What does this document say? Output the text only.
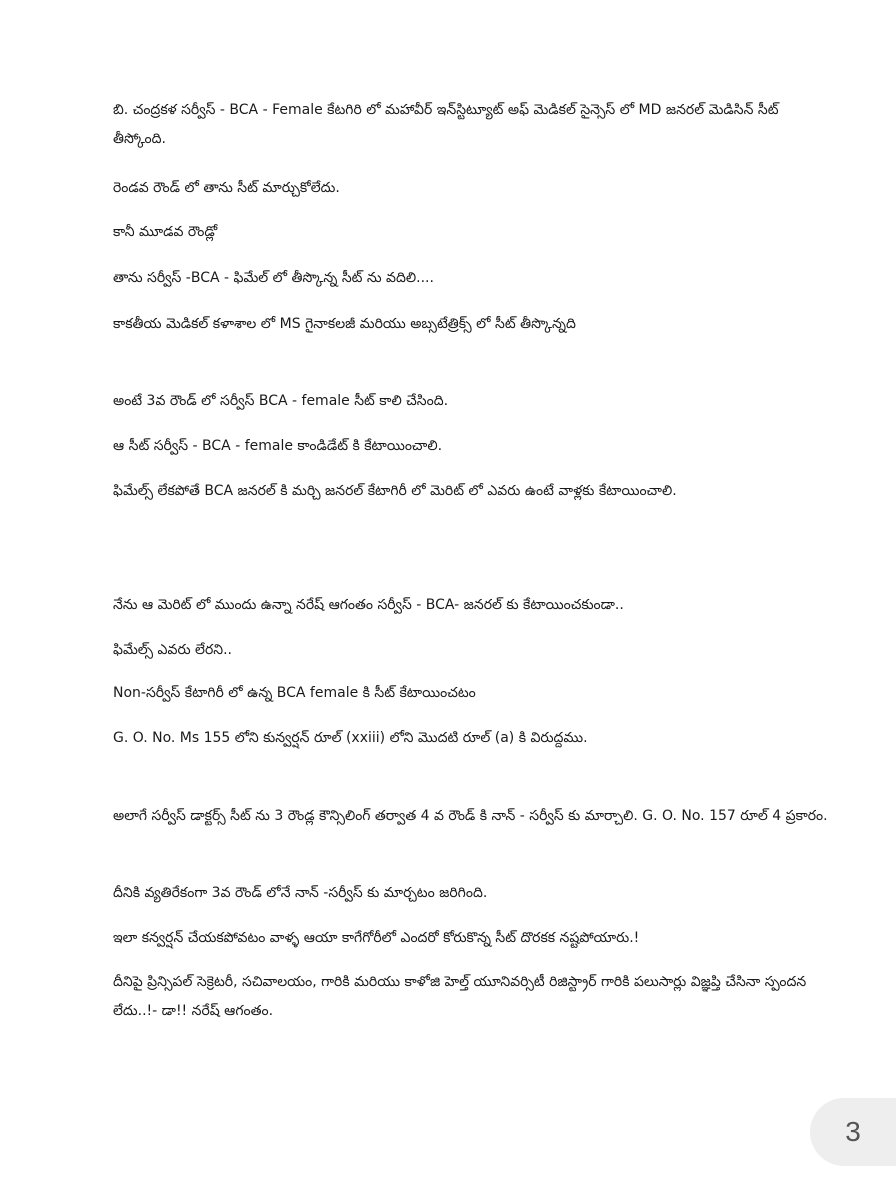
బి. చంద్రకళ సర్వీస్ - BCA - Female కేటగిరి లో మహావీర్ ఇన్‌స్టిట్యూట్ అఫ్ మెడికల్ సైన్సెస్ లో MD జనరల్ మెడిసిన్ సీట్ తీస్కోంది.

రెండవ రౌండ్ లో తాను సీట్ మార్చుకోలేదు.

కానీ మూడవ రౌండ్లో

తాను సర్వీస్ -BCA - ఫిమేల్ లో తీస్కొన్న సీట్ ను వదిలి....

కాకతీయ మెడికల్ కళాశాల లో MS గైనాకలజీ మరియు అబ్సటేత్రిక్స్ లో సీట్ తీస్కొన్నది

అంటే 3వ రౌండ్ లో సర్వీస్ BCA - female సీట్ కాలి చేసింది.

ఆ సీట్ సర్వీస్ - BCA - female కాండిడేట్ కి కేటాయించాలి.

ఫిమేల్స్ లేకపోతే BCA జనరల్ కి మర్చి జనరల్ కేటాగిరీ లో మెరిట్ లో ఎవరు ఉంటే వాళ్లకు కేటాయించాలి.

నేను ఆ మెరిట్ లో ముందు ఉన్నా నరేష్ ఆగంతం సర్వీస్ - BCA- జనరల్ కు కేటాయించకుండా..

ఫిమేల్స్ ఎవరు లేరని..

Non-సర్వీస్ కేటాగిరీ లో ఉన్న BCA female కి సీట్ కేటాయించటం

G. O. No. Ms 155 లోని కున్వర్షన్ రూల్ (xxiii) లోని మొదటి రూల్ (a) కి విరుద్దము.

అలాగే సర్వీస్ డాక్టర్స్ సీట్ ను 3 రౌండ్ల కౌన్సిలింగ్ తర్వాత 4 వ రౌండ్ కి నాన్ - సర్వీస్ కు మార్చాలి. G. O. No. 157 రూల్ 4 ప్రకారం.

దీనికి వ్యతిరేకంగా 3వ రౌండ్ లోనే నాన్ -సర్వీస్ కు మార్చటం జరిగింది.

ఇలా కన్వర్షన్ చేయకపోవటం వాళ్ళ ఆయా కాగేగోరీలో ఎందరో కోరుకొన్న సీట్ దొరకక నష్టపోయారు.!

దీనిపై ప్రిన్సిపల్ సెక్రెటరీ, సచివాలయం, గారికి మరియు కాళోజి హెల్త్ యూనివర్సిటీ రిజిస్ట్రార్ గారికి పలుసార్లు విజ్ఞప్తి చేసినా స్పందన లేదు..!- డా!! నరేష్ ఆగంతం.

3
